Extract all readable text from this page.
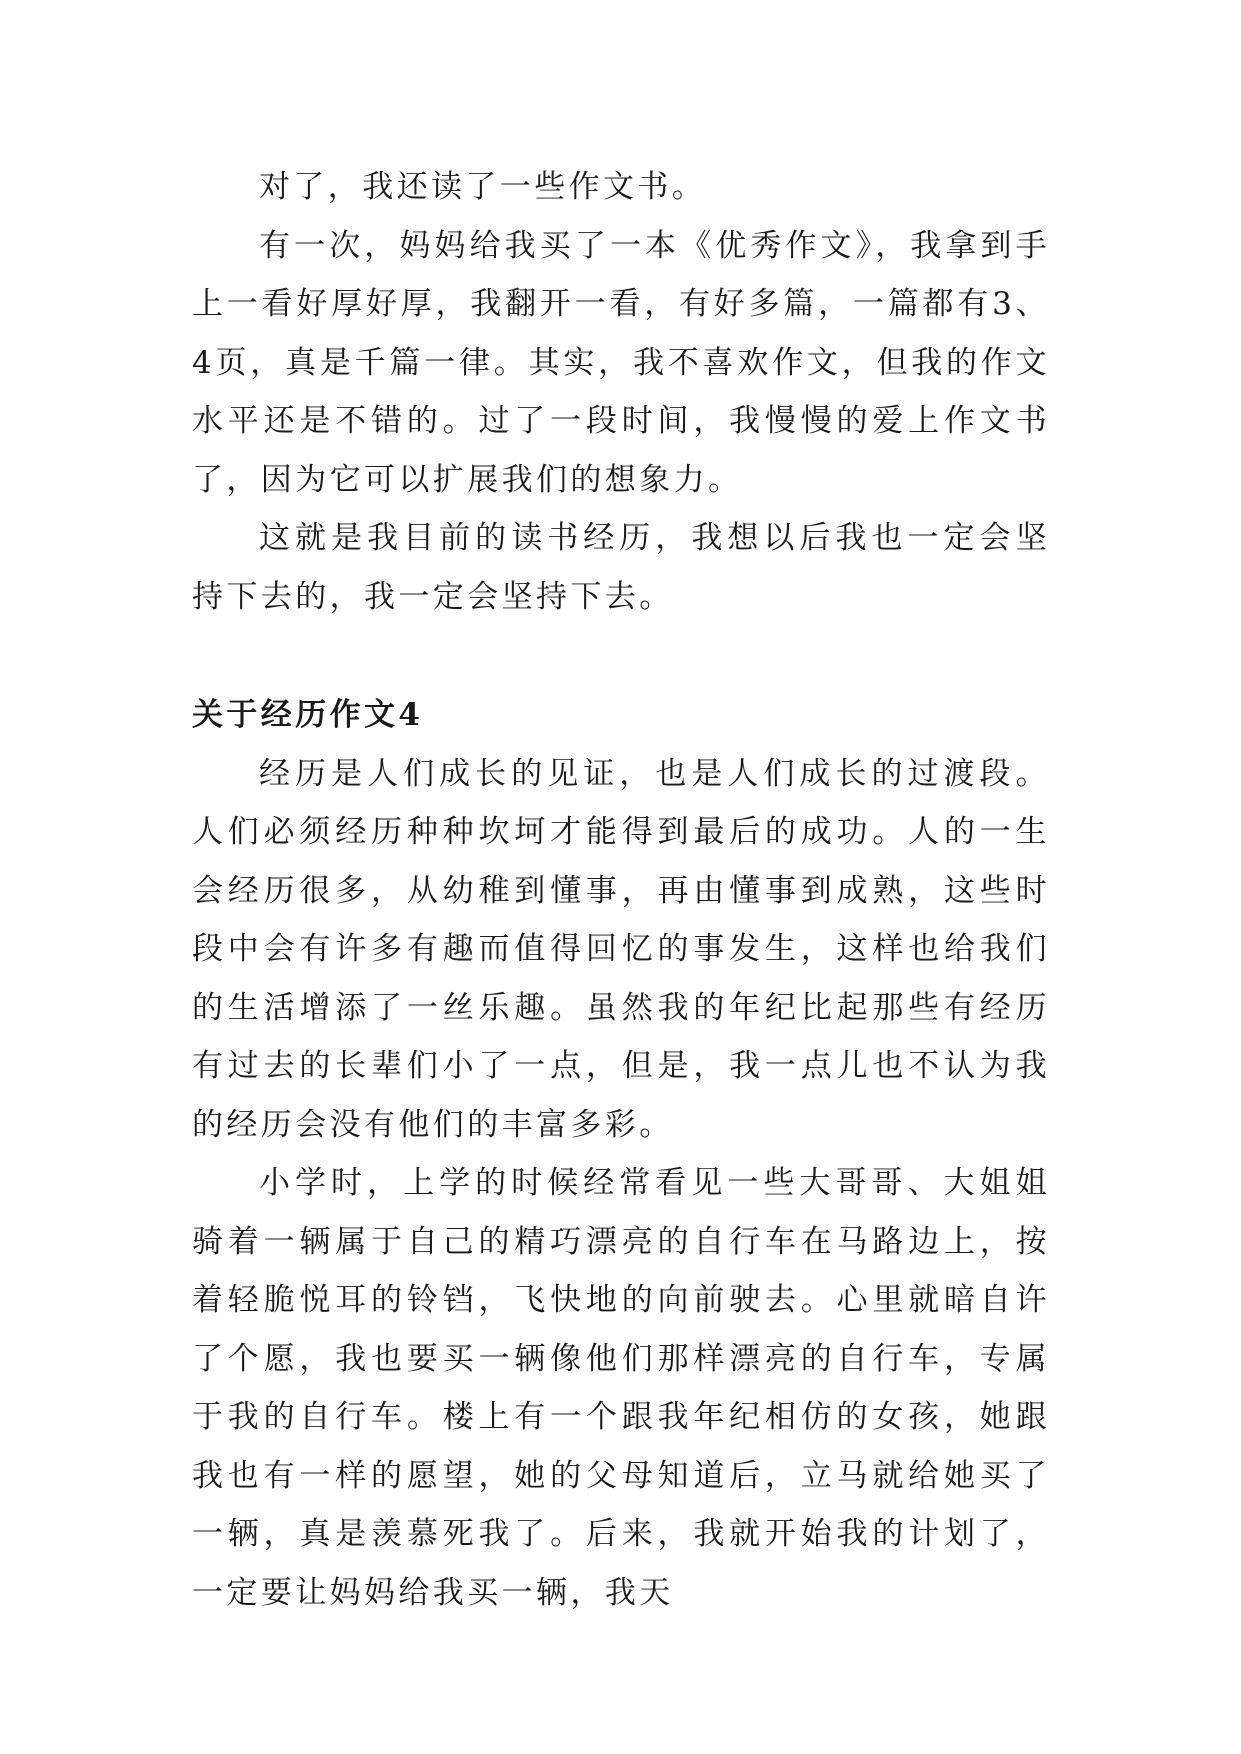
对了，我还读了一些作文书。

有一次，妈妈给我买了一本《优秀作文》，我拿到手上一看好厚好厚，我翻开一看，有好多篇，一篇都有3、4页，真是千篇一律。其实，我不喜欢作文，但我的作文水平还是不错的。过了一段时间，我慢慢的爱上作文书了，因为它可以扩展我们的想象力。

这就是我目前的读书经历，我想以后我也一定会坚持下去的，我一定会坚持下去。

关于经历作文4

经历是人们成长的见证，也是人们成长的过渡段。人们必须经历种种坎坷才能得到最后的成功。人的一生会经历很多，从幼稚到懂事，再由懂事到成熟，这些时段中会有许多有趣而值得回忆的事发生，这样也给我们的生活增添了一丝乐趣。虽然我的年纪比起那些有经历有过去的长辈们小了一点，但是，我一点儿也不认为我的经历会没有他们的丰富多彩。

小学时，上学的时候经常看见一些大哥哥、大姐姐骑着一辆属于自己的精巧漂亮的自行车在马路边上，按着轻脆悦耳的铃铛，飞快地的向前驶去。心里就暗自许了个愿，我也要买一辆像他们那样漂亮的自行车，专属于我的自行车。楼上有一个跟我年纪相仿的女孩，她跟我也有一样的愿望，她的父母知道后，立马就给她买了一辆，真是羡慕死我了。后来，我就开始我的计划了，一定要让妈妈给我买一辆，我天
